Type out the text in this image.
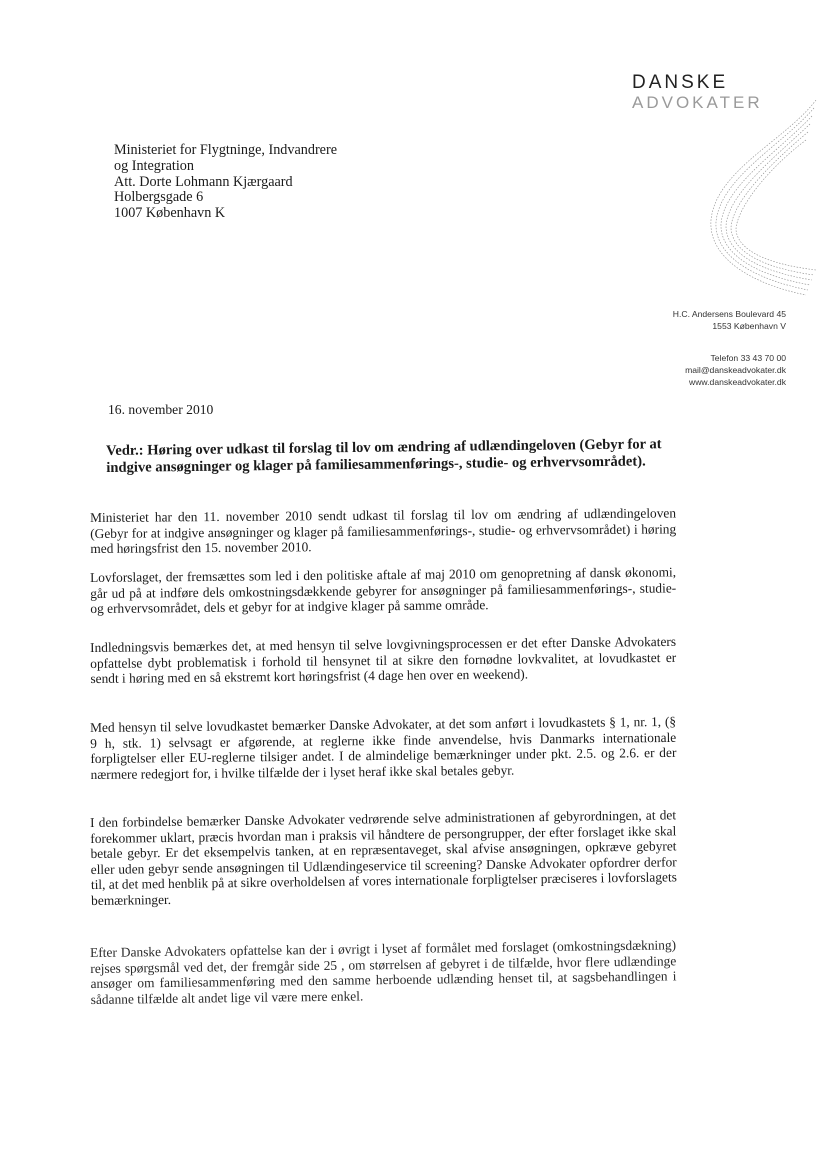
DANSKE
ADVOKATER
Ministeriet for Flygtninge, Indvandrere
og Integration
Att. Dorte Lohmann Kjærgaard
Holbergsgade 6
1007 København K
H.C. Andersens Boulevard 45
1553 København V
Telefon 33 43 70 00
mail@danskeadvokater.dk
www.danskeadvokater.dk
16. november 2010
Vedr.: Høring over udkast til forslag til lov om ændring af udlændingeloven (Gebyr for at indgive ansøgninger og klager på familiesammenførings-, studie- og erhvervsområdet).
Ministeriet har den 11. november 2010 sendt udkast til forslag til lov om ændring af udlændingeloven (Gebyr for at indgive ansøgninger og klager på familiesammenførings-, studie- og erhvervsområdet) i høring med høringsfrist den 15. november 2010.
Lovforslaget, der fremsættes som led i den politiske aftale af maj 2010 om genopretning af dansk økonomi, går ud på at indføre dels omkostningsdækkende gebyrer for ansøgninger på familiesammenførings-, studie- og erhvervsområdet, dels et gebyr for at indgive klager på samme område.
Indledningsvis bemærkes det, at med hensyn til selve lovgivningsprocessen er det efter Danske Advokaters opfattelse dybt problematisk i forhold til hensynet til at sikre den fornødne lovkvalitet, at lovudkastet er sendt i høring med en så ekstremt kort høringsfrist (4 dage hen over en weekend).
Med hensyn til selve lovudkastet bemærker Danske Advokater, at det som anført i lovudkastets § 1, nr. 1, (§ 9 h, stk. 1) selvsagt er afgørende, at reglerne ikke finde anvendelse, hvis Danmarks internationale forpligtelser eller EU-reglerne tilsiger andet. I de almindelige bemærkninger under pkt. 2.5. og 2.6. er der nærmere redegjort for, i hvilke tilfælde der i lyset heraf ikke skal betales gebyr.
I den forbindelse bemærker Danske Advokater vedrørende selve administrationen af gebyrordningen, at det forekommer uklart, præcis hvordan man i praksis vil håndtere de persongrupper, der efter forslaget ikke skal betale gebyr. Er det eksempelvis tanken, at en repræsentaveget, skal afvise ansøgningen, opkræve gebyret eller uden gebyr sende ansøgningen til Udlændingeservice til screening? Danske Advokater opfordrer derfor til, at det med henblik på at sikre overholdelsen af vores internationale forpligtelser præciseres i lovforslagets bemærkninger.
Efter Danske Advokaters opfattelse kan der i øvrigt i lyset af formålet med forslaget (omkostningsdækning) rejses spørgsmål ved det, der fremgår side 25 , om størrelsen af gebyret i de tilfælde, hvor flere udlændinge ansøger om familiesammenføring med den samme herboende udlænding henset til, at sagsbehandlingen i sådanne tilfælde alt andet lige vil være mere enkel.
